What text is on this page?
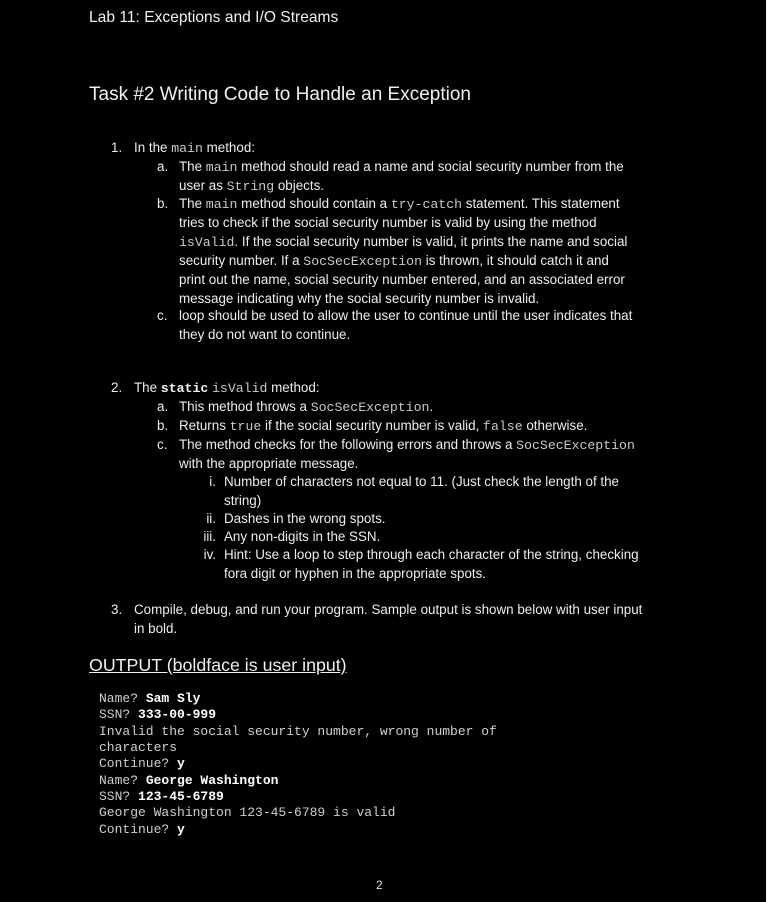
Lab 11: Exceptions and I/O Streams
Task #2 Writing Code to Handle an Exception
1. In the main method:
a. The main method should read a name and social security number from the
user as String objects.
b. The main method should contain a try-catch statement. This statement
tries to check if the social security number is valid by using the method
isValid. If the social security number is valid, it prints the name and social
security number. If a SocSecException is thrown, it should catch it and
print out the name, social security number entered, and an associated error
message indicating why the social security number is invalid.
c. loop should be used to allow the user to continue until the user indicates that
they do not want to continue.
2. The static isValid method:
a. This method throws a SocSecException.
b. Returns true if the social security number is valid, false otherwise.
c. The method checks for the following errors and throws a SocSecException
with the appropriate message.
i. Number of characters not equal to 11. (Just check the length of the
string)
ii. Dashes in the wrong spots.
iii. Any non-digits in the SSN.
iv. Hint: Use a loop to step through each character of the string, checking
fora digit or hyphen in the appropriate spots.
3. Compile, debug, and run your program. Sample output is shown below with user input
in bold.
OUTPUT (boldface is user input)
Name? Sam Sly
SSN? 333-00-999
Invalid the social security number, wrong number of
characters
Continue? y
Name? George Washington
SSN? 123-45-6789
George Washington 123-45-6789 is valid
Continue? y
2
